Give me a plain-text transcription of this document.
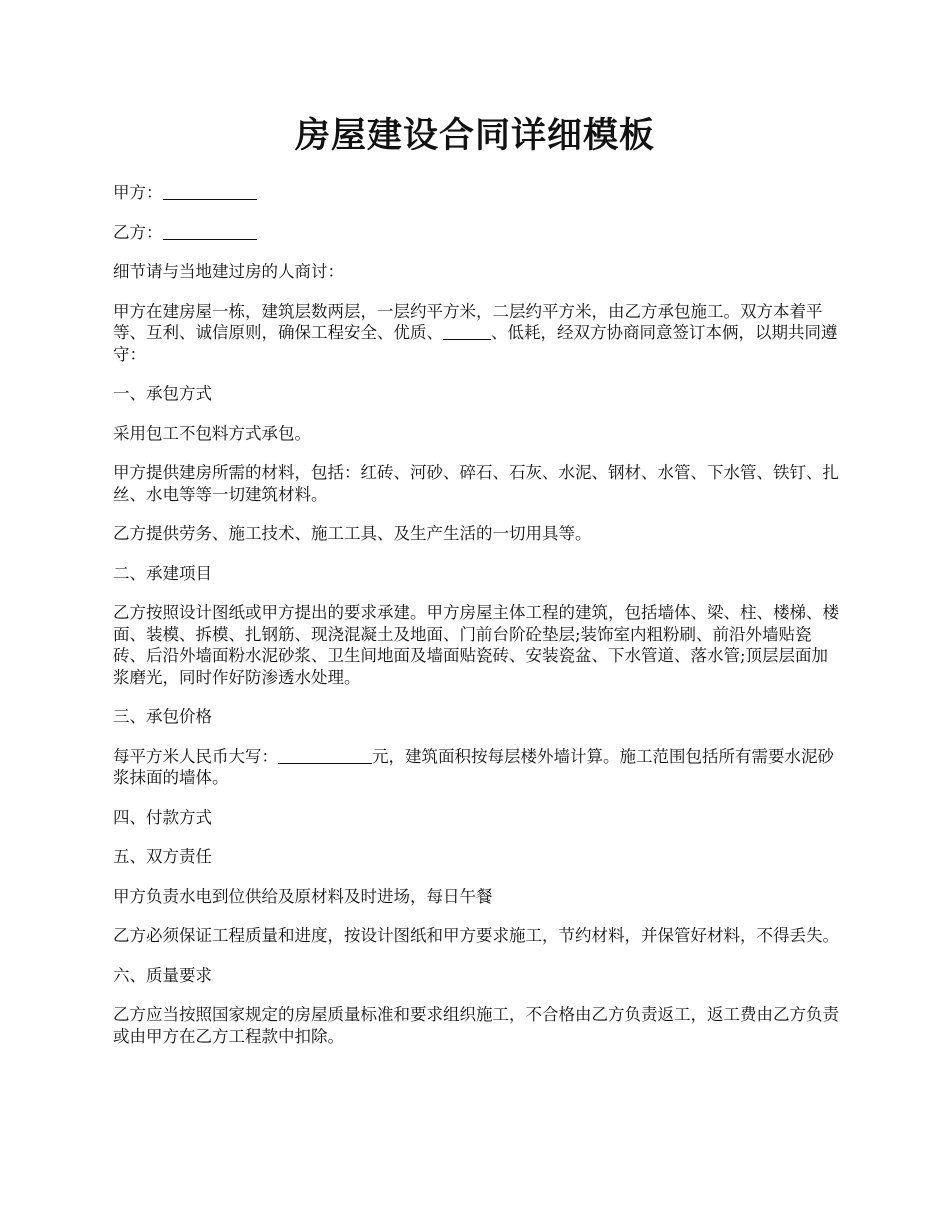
房屋建设合同详细模板

甲方：

乙方：

细节请与当地建过房的人商讨：

甲方在建房屋一栋，建筑层数两层，一层约平方米，二层约平方米，由乙方承包施工。双方本着平等、互利、诚信原则，确保工程安全、优质、	、低耗，经双方协商同意签订本俩，以期共同遵守：

一、承包方式

采用包工不包料方式承包。

甲方提供建房所需的材料，包括：红砖、河砂、碎石、石灰、水泥、钢材、水管、下水管、铁钉、扎丝、水电等等一切建筑材料。

乙方提供劳务、施工技术、施工工具、及生产生活的一切用具等。

二、承建项目

乙方按照设计图纸或甲方提出的要求承建。甲方房屋主体工程的建筑，包括墙体、梁、柱、楼梯、楼面、装模、拆模、扎钢筋、现浇混凝土及地面、门前台阶砼垫层;装饰室内粗粉刷、前沿外墙贴瓷砖、后沿外墙面粉水泥砂浆、卫生间地面及墙面贴瓷砖、安装瓷盆、下水管道、落水管;顶层层面加浆磨光，同时作好防渗透水处理。

三、承包价格

每平方米人民币大写：	元，建筑面积按每层楼外墙计算。施工范围包括所有需要水泥砂浆抹面的墙体。

四、付款方式

五、双方责任

甲方负责水电到位供给及原材料及时进场，每日午餐

乙方必须保证工程质量和进度，按设计图纸和甲方要求施工，节约材料，并保管好材料，不得丢失。

六、质量要求

乙方应当按照国家规定的房屋质量标准和要求组织施工，不合格由乙方负责返工，返工费由乙方负责或由甲方在乙方工程款中扣除。
